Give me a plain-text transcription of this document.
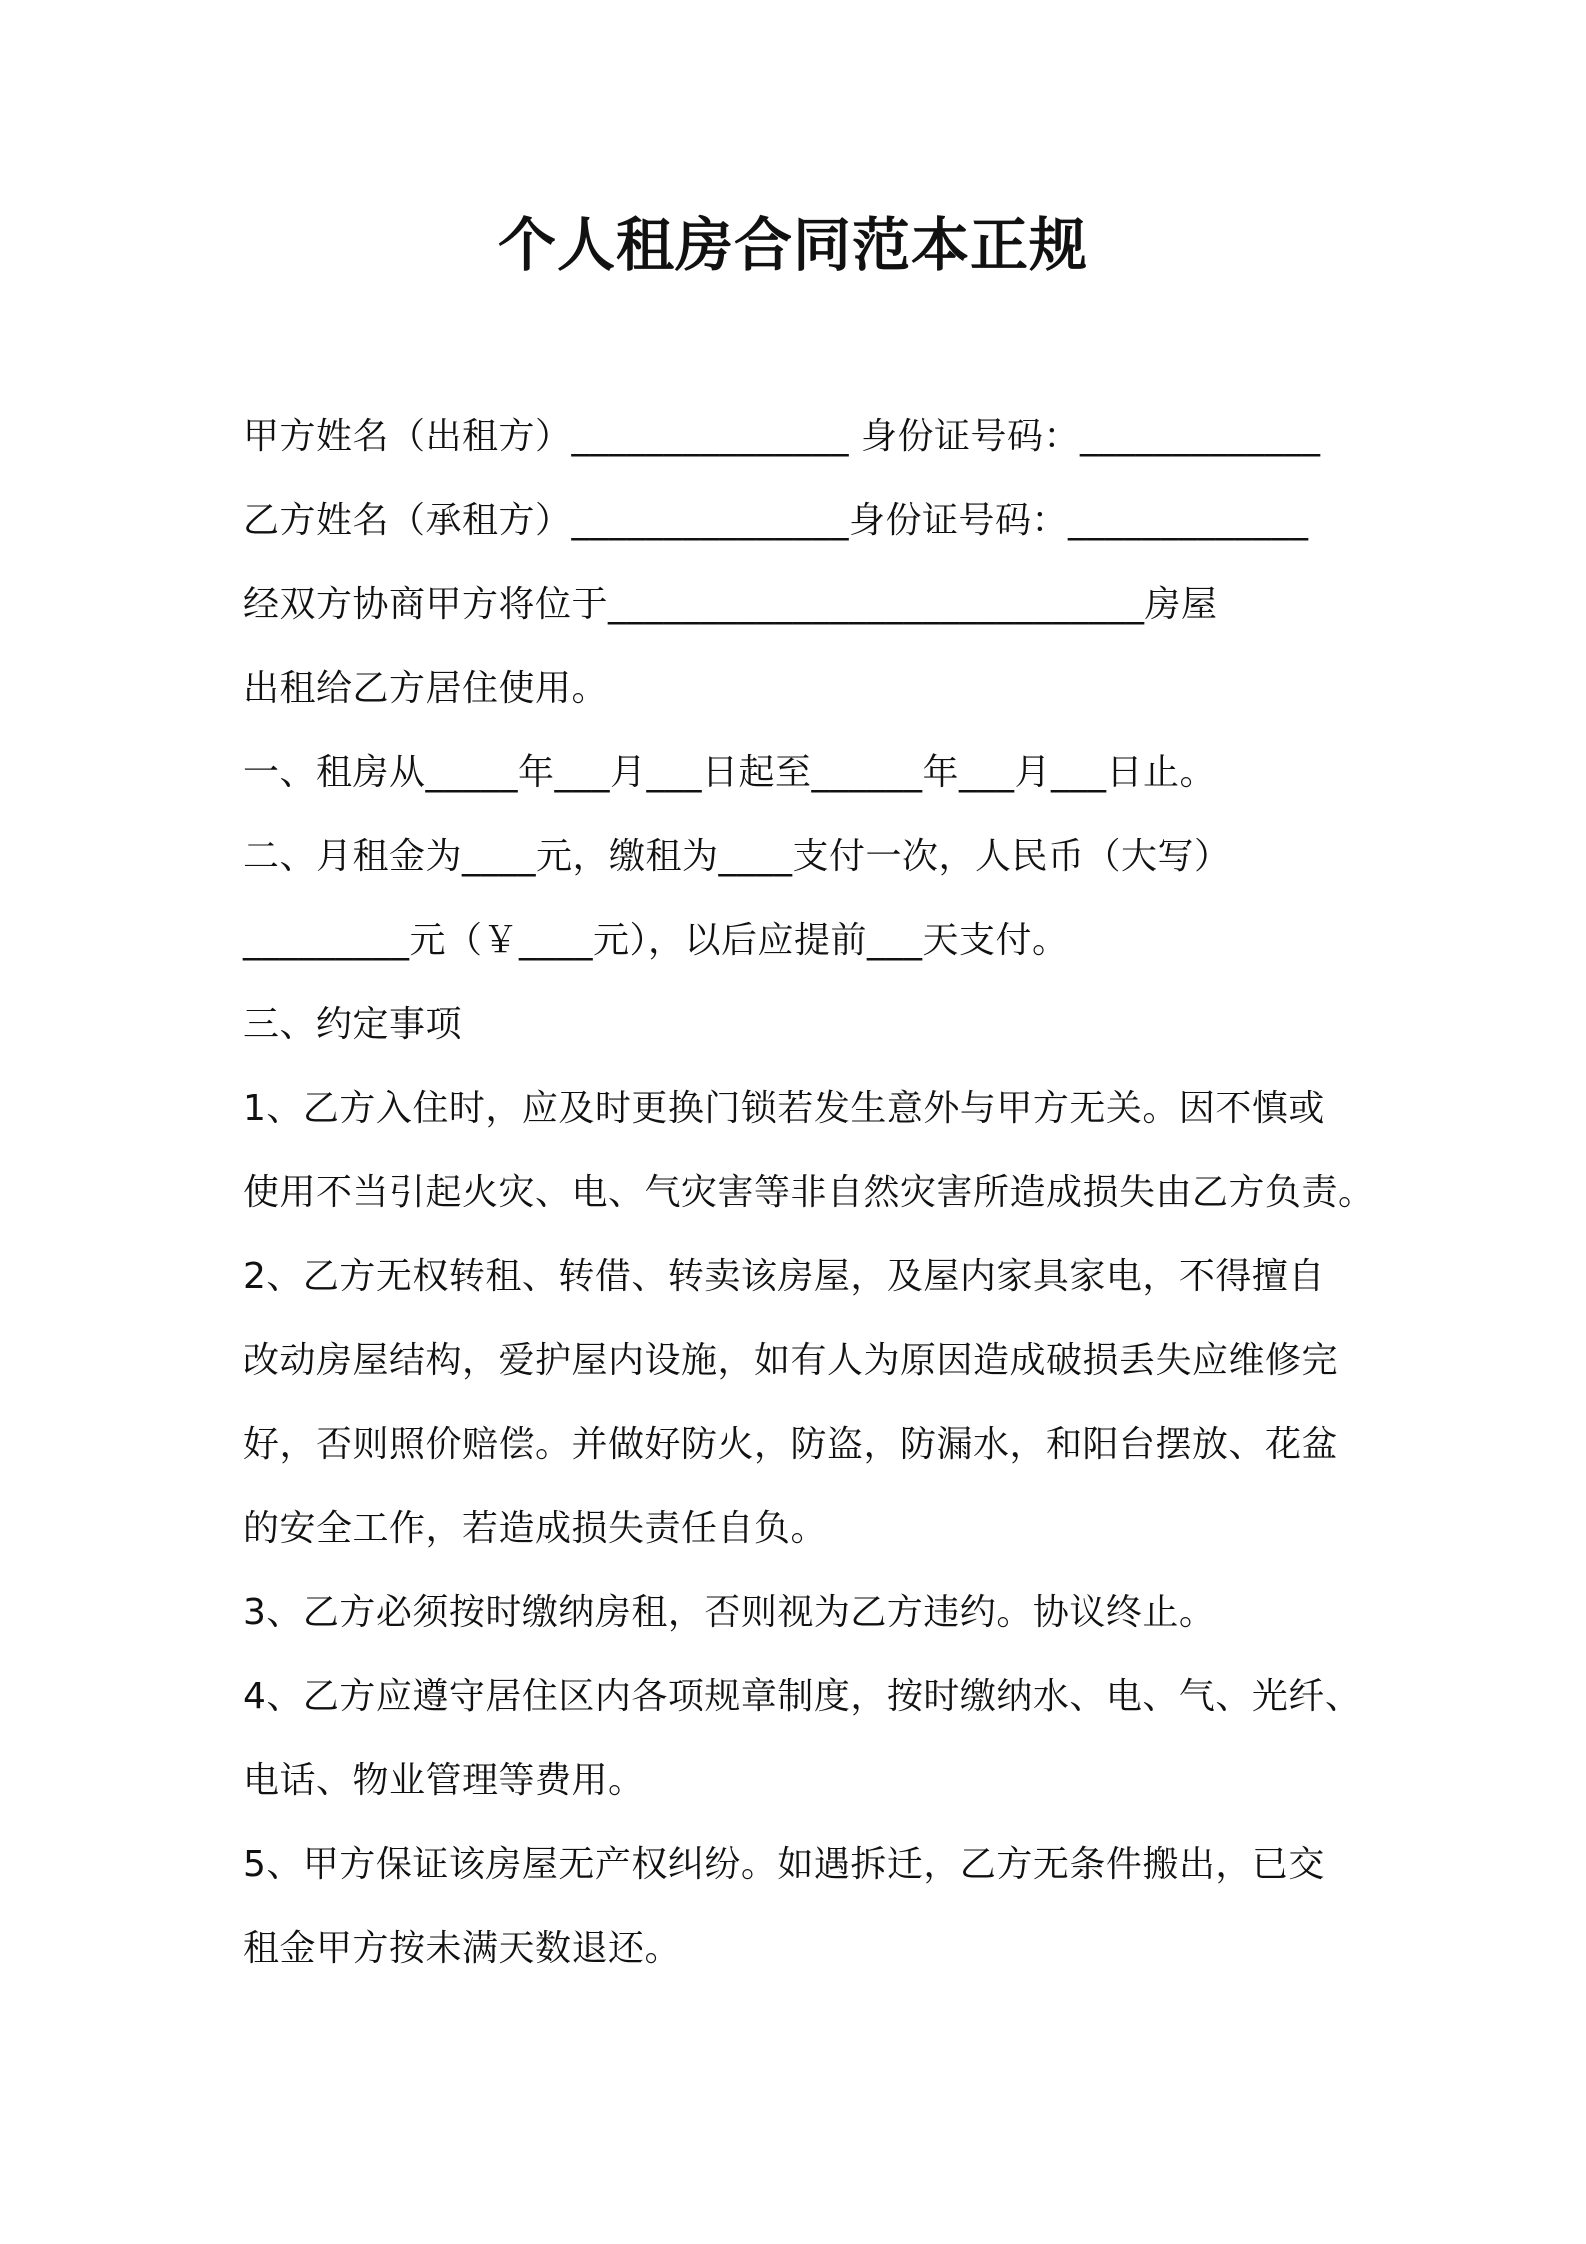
个人租房合同范本正规
甲方姓名（出租方）_______________ 身份证号码：_____________
乙方姓名（承租方）_______________身份证号码：_____________
经双方协商甲方将位于_____________________________房屋
出租给乙方居住使用。
一、租房从_____年___月___日起至______年___月___日止。
二、月租金为____元，缴租为____支付一次，人民币（大写）
_________元（￥____元），以后应提前___天支付。
三、约定事项
1、乙方入住时，应及时更换门锁若发生意外与甲方无关。因不慎或
使用不当引起火灾、电、气灾害等非自然灾害所造成损失由乙方负责。
2、乙方无权转租、转借、转卖该房屋，及屋内家具家电，不得擅自
改动房屋结构，爱护屋内设施，如有人为原因造成破损丢失应维修完
好，否则照价赔偿。并做好防火，防盗，防漏水，和阳台摆放、花盆
的安全工作，若造成损失责任自负。
3、乙方必须按时缴纳房租，否则视为乙方违约。协议终止。
4、乙方应遵守居住区内各项规章制度，按时缴纳水、电、气、光纤、
电话、物业管理等费用。
5、甲方保证该房屋无产权纠纷。如遇拆迁，乙方无条件搬出，已交
租金甲方按未满天数退还。
